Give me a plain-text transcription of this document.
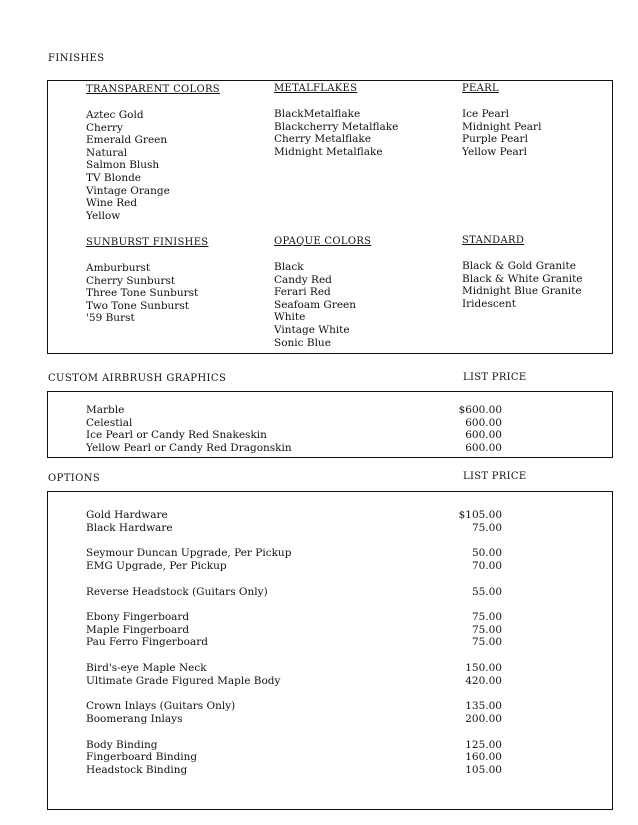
FINISHES
TRANSPARENT COLORS
Aztec Gold
Cherry
Emerald Green
Natural
Salmon Blush
TV Blonde
Vintage Orange
Wine Red
Yellow
METALFLAKES
BlackMetalflake
Blackcherry Metalflake
Cherry Metalflake
Midnight Metalflake
PEARL
Ice Pearl
Midnight Pearl
Purple Pearl
Yellow Pearl
SUNBURST FINISHES
Amburburst
Cherry Sunburst
Three Tone Sunburst
Two Tone Sunburst
'59 Burst
OPAQUE COLORS
Black
Candy Red
Ferari Red
Seafoam Green
White
Vintage White
Sonic Blue
STANDARD
Black & Gold Granite
Black & White Granite
Midnight Blue Granite
Iridescent
CUSTOM AIRBRUSH GRAPHICS	LIST PRICE
Marble	$600.00
Celestial	600.00
Ice Pearl or Candy Red Snakeskin	600.00
Yellow Pearl or Candy Red Dragonskin	600.00
OPTIONS	LIST PRICE
Gold Hardware	$105.00
Black Hardware	75.00
Seymour Duncan Upgrade, Per Pickup	50.00
EMG Upgrade, Per Pickup	70.00
Reverse Headstock (Guitars Only)	55.00
Ebony Fingerboard	75.00
Maple Fingerboard	75.00
Pau Ferro Fingerboard	75.00
Bird's-eye Maple Neck	150.00
Ultimate Grade Figured Maple Body	420.00
Crown Inlays (Guitars Only)	135.00
Boomerang Inlays	200.00
Body Binding	125.00
Fingerboard Binding	160.00
Headstock Binding	105.00
